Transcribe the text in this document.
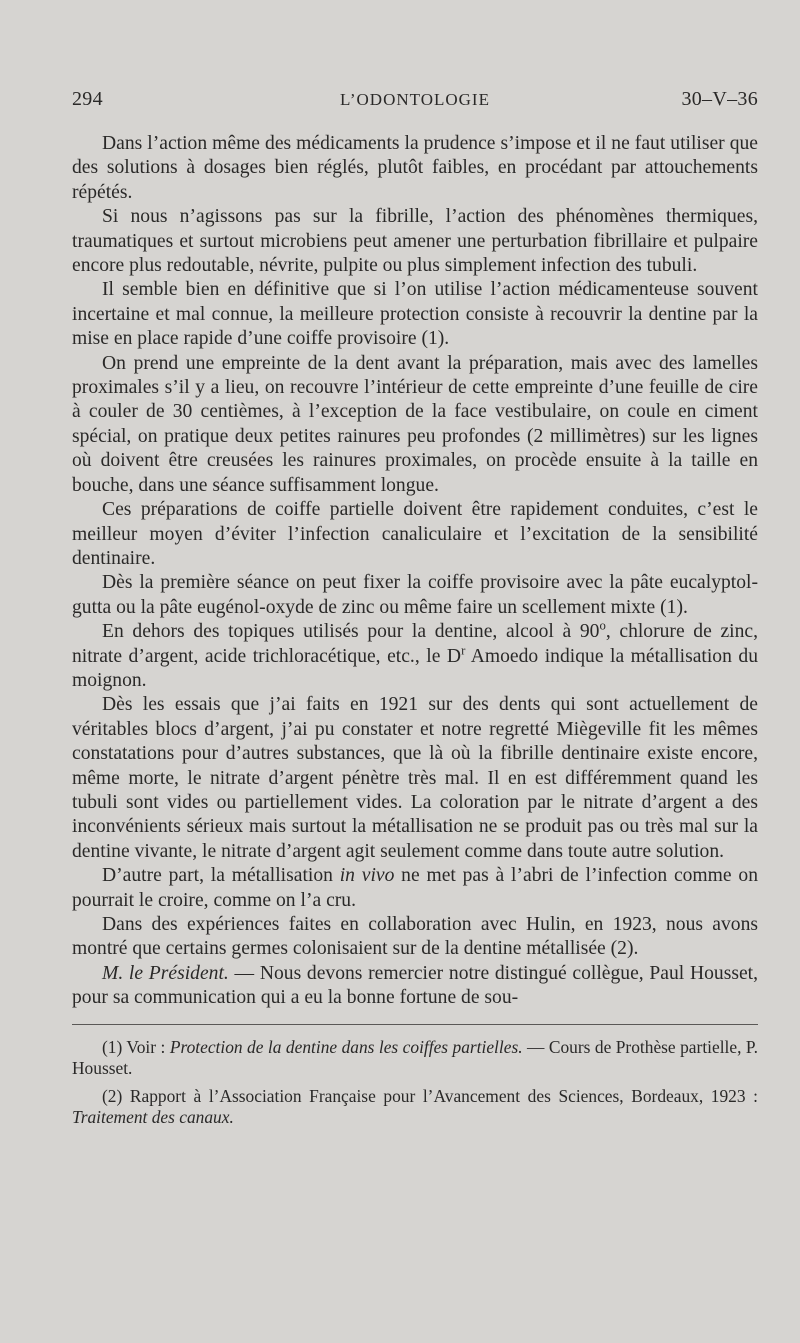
294	L’ODONTOLOGIE	30–V–36

Dans l’action même des médicaments la prudence s’impose et il ne faut utiliser que des solutions à dosages bien réglés, plutôt faibles, en procédant par attouchements répétés.

Si nous n’agissons pas sur la fibrille, l’action des phénomènes thermiques, traumatiques et surtout microbiens peut amener une perturbation fibrillaire et pulpaire encore plus redoutable, névrite, pulpite ou plus simplement infection des tubuli.

Il semble bien en définitive que si l’on utilise l’action médicamenteuse souvent incertaine et mal connue, la meilleure protection consiste à recouvrir la dentine par la mise en place rapide d’une coiffe provisoire (1).

On prend une empreinte de la dent avant la préparation, mais avec des lamelles proximales s’il y a lieu, on recouvre l’intérieur de cette empreinte d’une feuille de cire à couler de 30 centièmes, à l’exception de la face vestibulaire, on coule en ciment spécial, on pratique deux petites rainures peu profondes (2 millimètres) sur les lignes où doivent être creusées les rainures proximales, on procède ensuite à la taille en bouche, dans une séance suffisamment longue.

Ces préparations de coiffe partielle doivent être rapidement conduites, c’est le meilleur moyen d’éviter l’infection canaliculaire et l’excitation de la sensibilité dentinaire.

Dès la première séance on peut fixer la coiffe provisoire avec la pâte eucalyptol-gutta ou la pâte eugénol-oxyde de zinc ou même faire un scellement mixte (1).

En dehors des topiques utilisés pour la dentine, alcool à 90$^o$, chlorure de zinc, nitrate d’argent, acide trichloracétique, etc., le $D^r$ Amoedo indique la métallisation du moignon.

Dès les essais que j’ai faits en 1921 sur des dents qui sont actuellement de véritables blocs d’argent, j’ai pu constater et notre regretté Miègeville fit les mêmes constatations pour d’autres substances, que là où la fibrille dentinaire existe encore, même morte, le nitrate d’argent pénètre très mal. Il en est différemment quand les tubuli sont vides ou partiellement vides. La coloration par le nitrate d’argent a des inconvénients sérieux mais surtout la métallisation ne se produit pas ou très mal sur la dentine vivante, le nitrate d’argent agit seulement comme dans toute autre solution.

D’autre part, la métallisation in vivo ne met pas à l’abri de l’infection comme on pourrait le croire, comme on l’a cru.

Dans des expériences faites en collaboration avec Hulin, en 1923, nous avons montré que certains germes colonisaient sur de la dentine métallisée (2).

M. le Président. — Nous devons remercier notre distingué collègue, Paul Housset, pour sa communication qui a eu la bonne fortune de sou-

(1) Voir : Protection de la dentine dans les coiffes partielles. — Cours de Prothèse partielle, P. Housset.

(2) Rapport à l’Association Française pour l’Avancement des Sciences, Bordeaux, 1923 : Traitement des canaux.
